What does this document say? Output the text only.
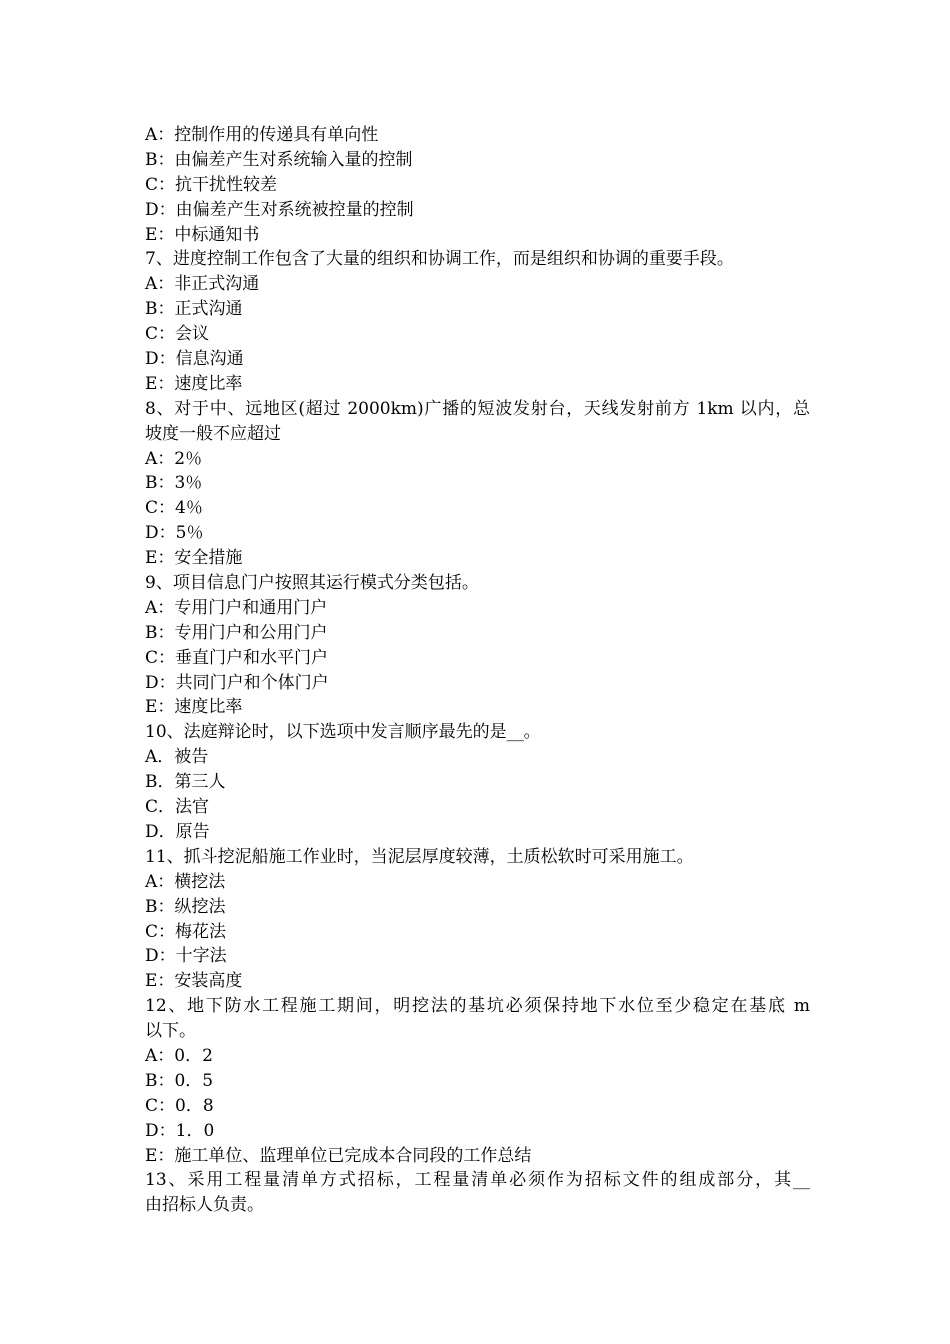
A：控制作用的传递具有单向性
B：由偏差产生对系统输入量的控制
C：抗干扰性较差
D：由偏差产生对系统被控量的控制
E：中标通知书
7、进度控制工作包含了大量的组织和协调工作，而是组织和协调的重要手段。
A：非正式沟通
B：正式沟通
C：会议
D：信息沟通
E：速度比率
8、对于中、远地区(超过 2000km)广播的短波发射台，天线发射前方 1km 以内，总
坡度一般不应超过
A：2％
B：3％
C：4％
D：5％
E：安全措施
9、项目信息门户按照其运行模式分类包括。
A：专用门户和通用门户
B：专用门户和公用门户
C：垂直门户和水平门户
D：共同门户和个体门户
E：速度比率
10、法庭辩论时，以下选项中发言顺序最先的是__。
A．被告
B．第三人
C．法官
D．原告
11、抓斗挖泥船施工作业时，当泥层厚度较薄，土质松软时可采用施工。
A：横挖法
B：纵挖法
C：梅花法
D：十字法
E：安装高度
12、地下防水工程施工期间，明挖法的基坑必须保持地下水位至少稳定在基底 m
以下。
A：0．2
B：0．5
C：0．8
D：1．0
E：施工单位、监理单位已完成本合同段的工作总结
13、采用工程量清单方式招标，工程量清单必须作为招标文件的组成部分，其__
由招标人负责。
